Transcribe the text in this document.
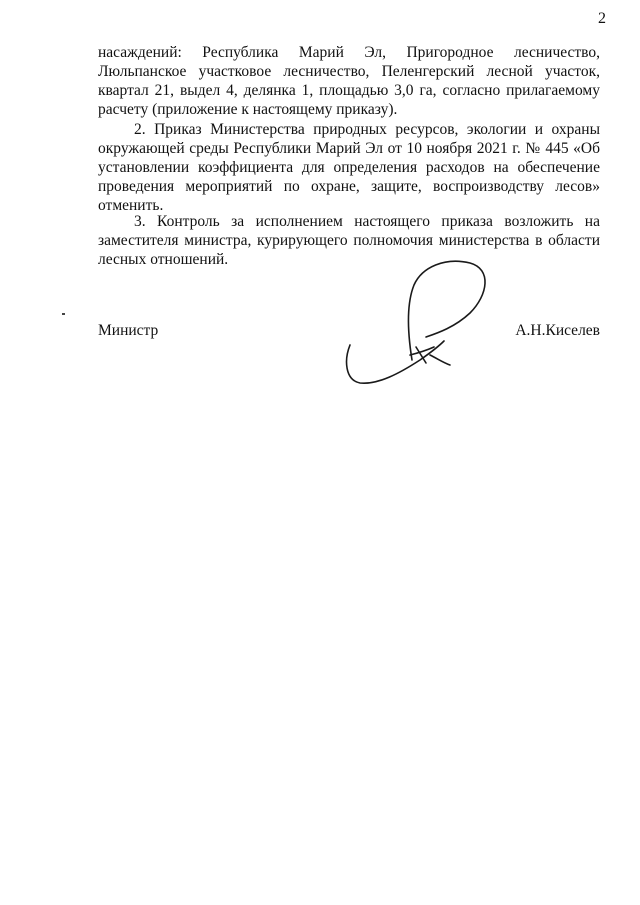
2
насаждений: Республика Марий Эл, Пригородное лесничество, Люльпанское участковое лесничество, Пелeнгерский лесной участок, квартал 21, выдел 4, делянка 1, площадью 3,0 га, согласно прилагаемому расчету (приложение к настоящему приказу).
2. Приказ Министерства природных ресурсов, экологии и охраны окружающей среды Республики Марий Эл от 10 ноября 2021 г. № 445 «Об установлении коэффициента для определения расходов на обеспечение проведения мероприятий по охране, защите, воспроизводству лесов» отменить.
3. Контроль за исполнением настоящего приказа возложить на заместителя министра, курирующего полномочия министерства в области лесных отношений.
Министр	А.Н.Киселев
